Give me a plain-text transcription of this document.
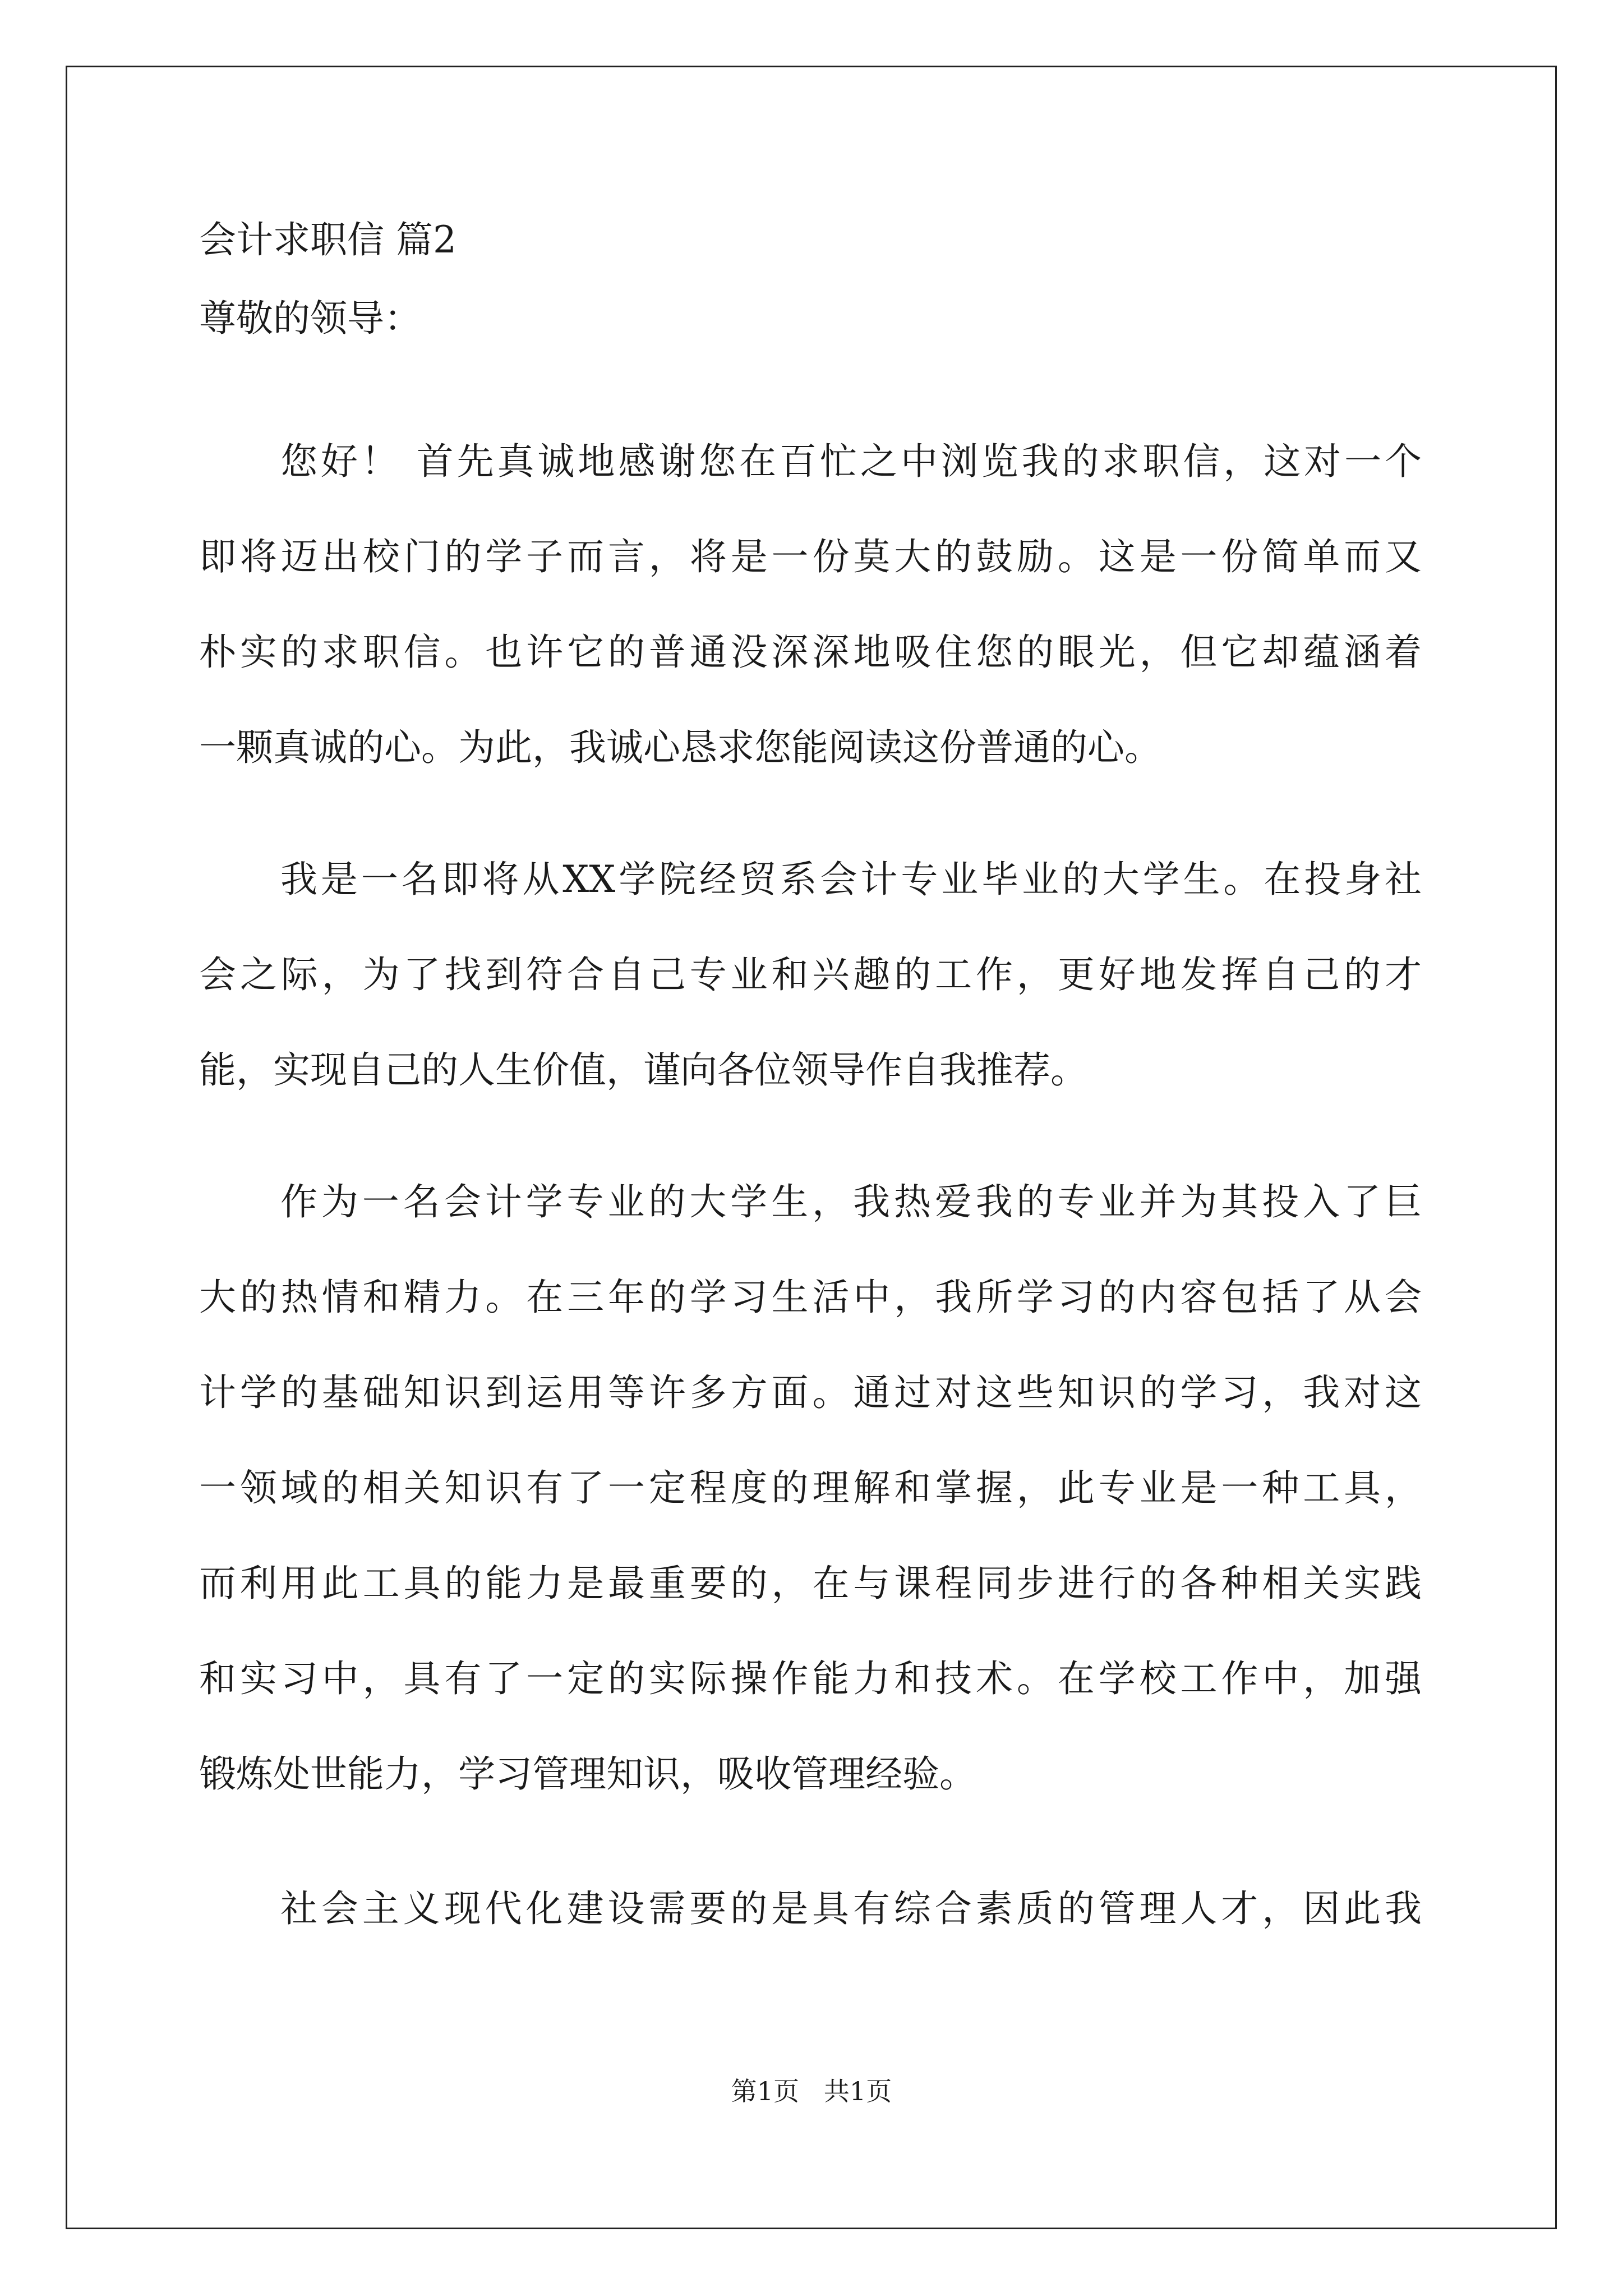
会计求职信 篇2
尊敬的领导：
您好！ 首先真诚地感谢您在百忙之中浏览我的求职信，这对一个
即将迈出校门的学子而言，将是一份莫大的鼓励。这是一份简单而又
朴实的求职信。也许它的普通没深深地吸住您的眼光，但它却蕴涵着
一颗真诚的心。为此，我诚心恳求您能阅读这份普通的心。
我是一名即将从XX学院经贸系会计专业毕业的大学生。在投身社
会之际，为了找到符合自己专业和兴趣的工作，更好地发挥自己的才
能，实现自己的人生价值，谨向各位领导作自我推荐。
作为一名会计学专业的大学生，我热爱我的专业并为其投入了巨
大的热情和精力。在三年的学习生活中，我所学习的内容包括了从会
计学的基础知识到运用等许多方面。通过对这些知识的学习，我对这
一领域的相关知识有了一定程度的理解和掌握，此专业是一种工具，
而利用此工具的能力是最重要的，在与课程同步进行的各种相关实践
和实习中，具有了一定的实际操作能力和技术。在学校工作中，加强
锻炼处世能力，学习管理知识，吸收管理经验。
社会主义现代化建设需要的是具有综合素质的管理人才，因此我
第1页   共1页
